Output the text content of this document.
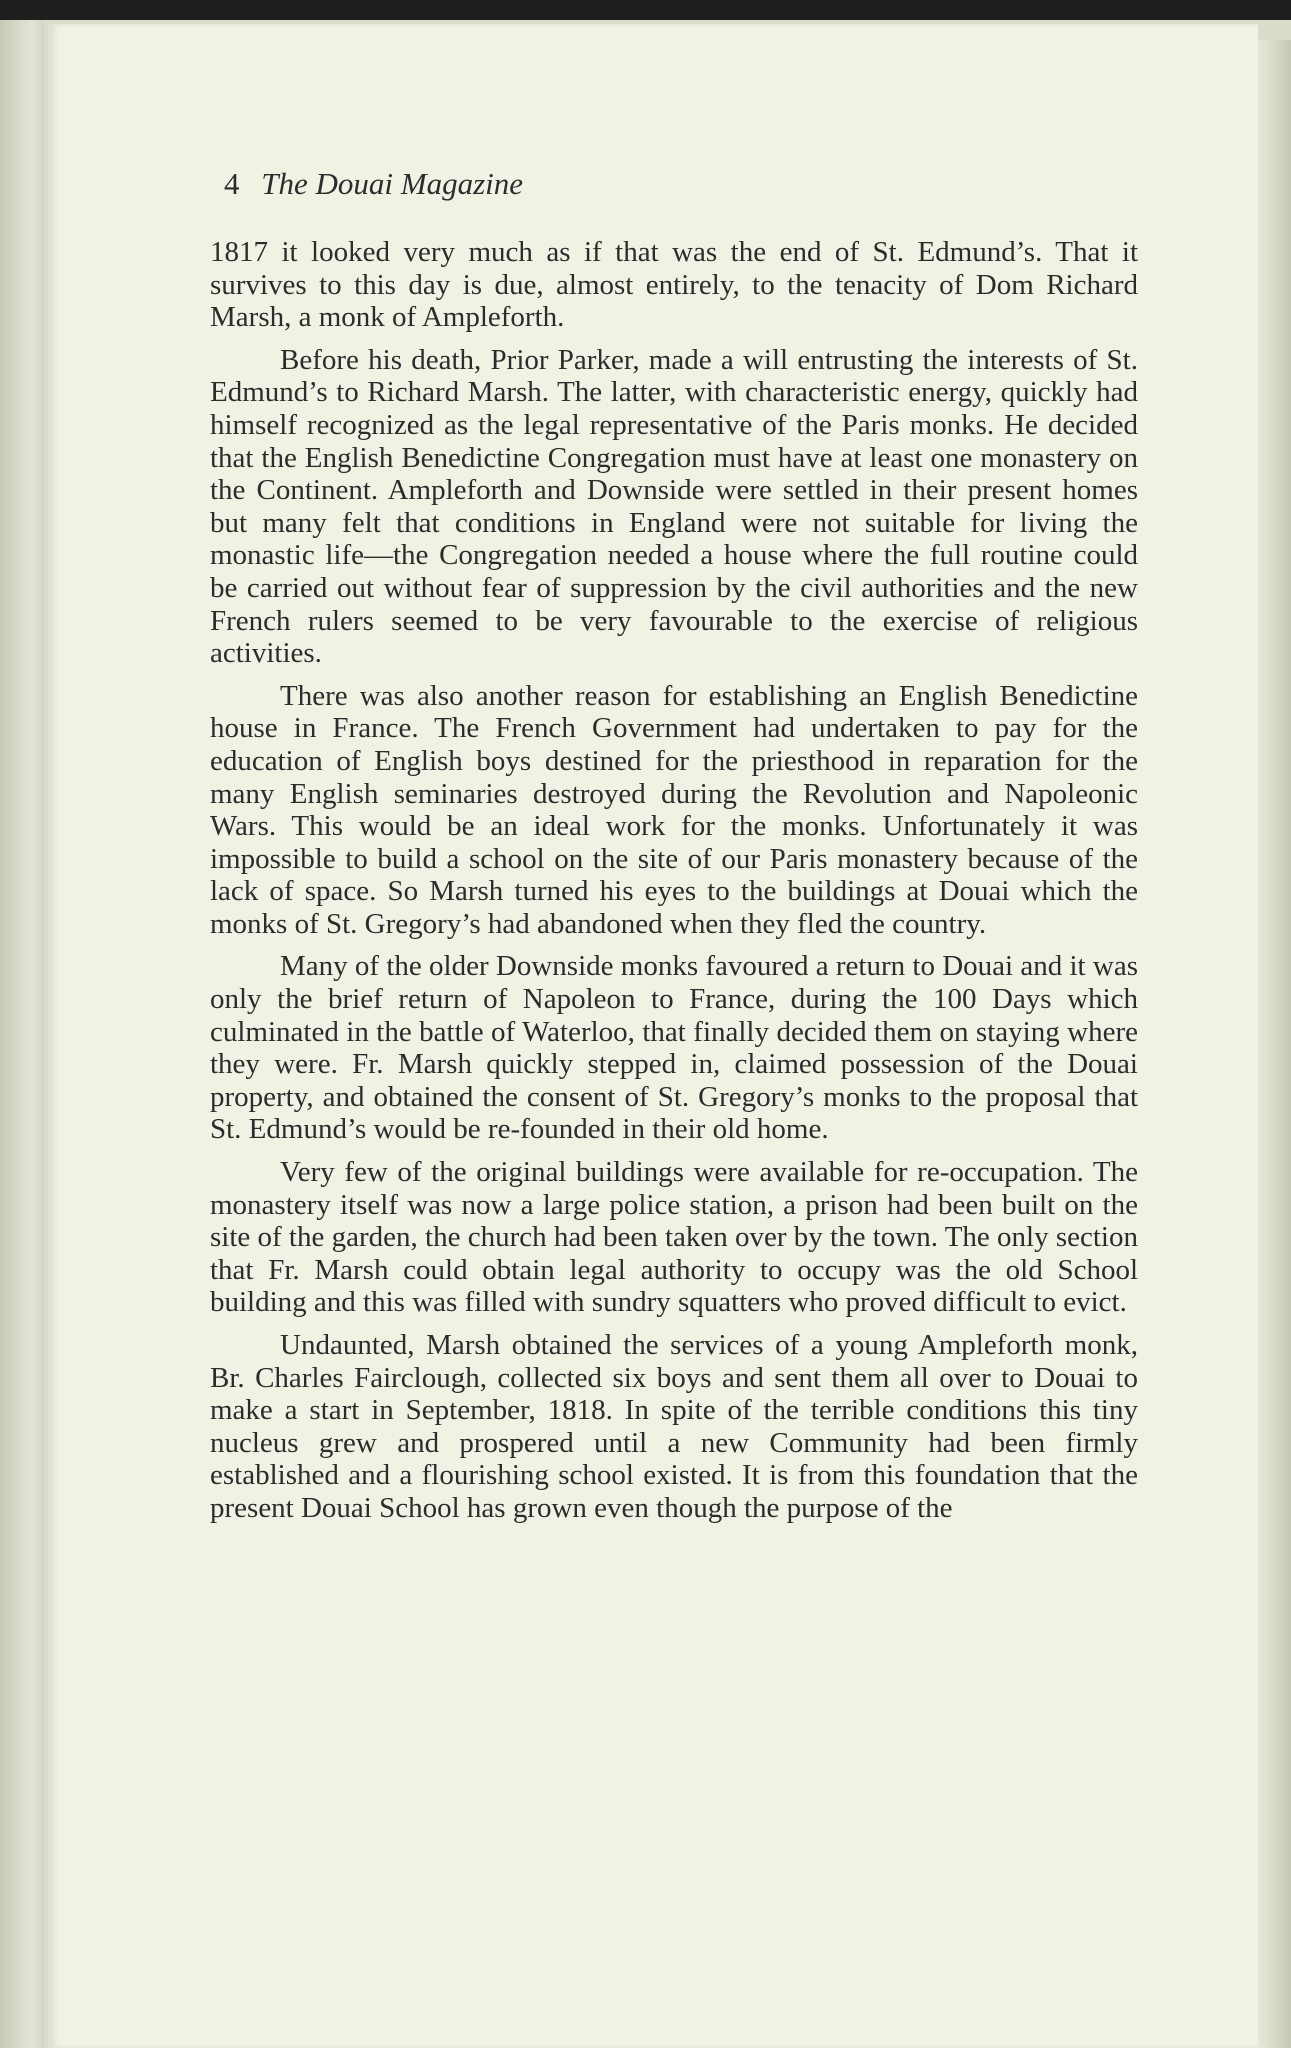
4 The Douai Magazine

1817 it looked very much as if that was the end of St. Edmund’s. That it survives to this day is due, almost entirely, to the tenacity of Dom Richard Marsh, a monk of Ampleforth.

Before his death, Prior Parker, made a will entrusting the interests of St. Edmund’s to Richard Marsh. The latter, with characteristic energy, quickly had himself recognized as the legal representative of the Paris monks. He decided that the English Benedictine Congregation must have at least one monastery on the Continent. Ampleforth and Downside were settled in their present homes but many felt that conditions in England were not suitable for living the monastic life—the Congregation needed a house where the full routine could be carried out without fear of suppression by the civil authorities and the new French rulers seemed to be very favourable to the exercise of religious activities.

There was also another reason for establishing an English Benedictine house in France. The French Government had undertaken to pay for the education of English boys destined for the priesthood in reparation for the many English seminaries destroyed during the Revolution and Napoleonic Wars. This would be an ideal work for the monks. Unfortunately it was impossible to build a school on the site of our Paris monastery because of the lack of space. So Marsh turned his eyes to the buildings at Douai which the monks of St. Gregory’s had abandoned when they fled the country.

Many of the older Downside monks favoured a return to Douai and it was only the brief return of Napoleon to France, during the 100 Days which culminated in the battle of Waterloo, that finally decided them on staying where they were. Fr. Marsh quickly stepped in, claimed possession of the Douai property, and obtained the consent of St. Gregory’s monks to the proposal that St. Edmund’s would be re-founded in their old home.

Very few of the original buildings were available for re-occupation. The monastery itself was now a large police station, a prison had been built on the site of the garden, the church had been taken over by the town. The only section that Fr. Marsh could obtain legal authority to occupy was the old School building and this was filled with sundry squatters who proved difficult to evict.

Undaunted, Marsh obtained the services of a young Ampleforth monk, Br. Charles Fairclough, collected six boys and sent them all over to Douai to make a start in September, 1818. In spite of the terrible conditions this tiny nucleus grew and prospered until a new Community had been firmly established and a flourishing school existed. It is from this foundation that the present Douai School has grown even though the purpose of the
